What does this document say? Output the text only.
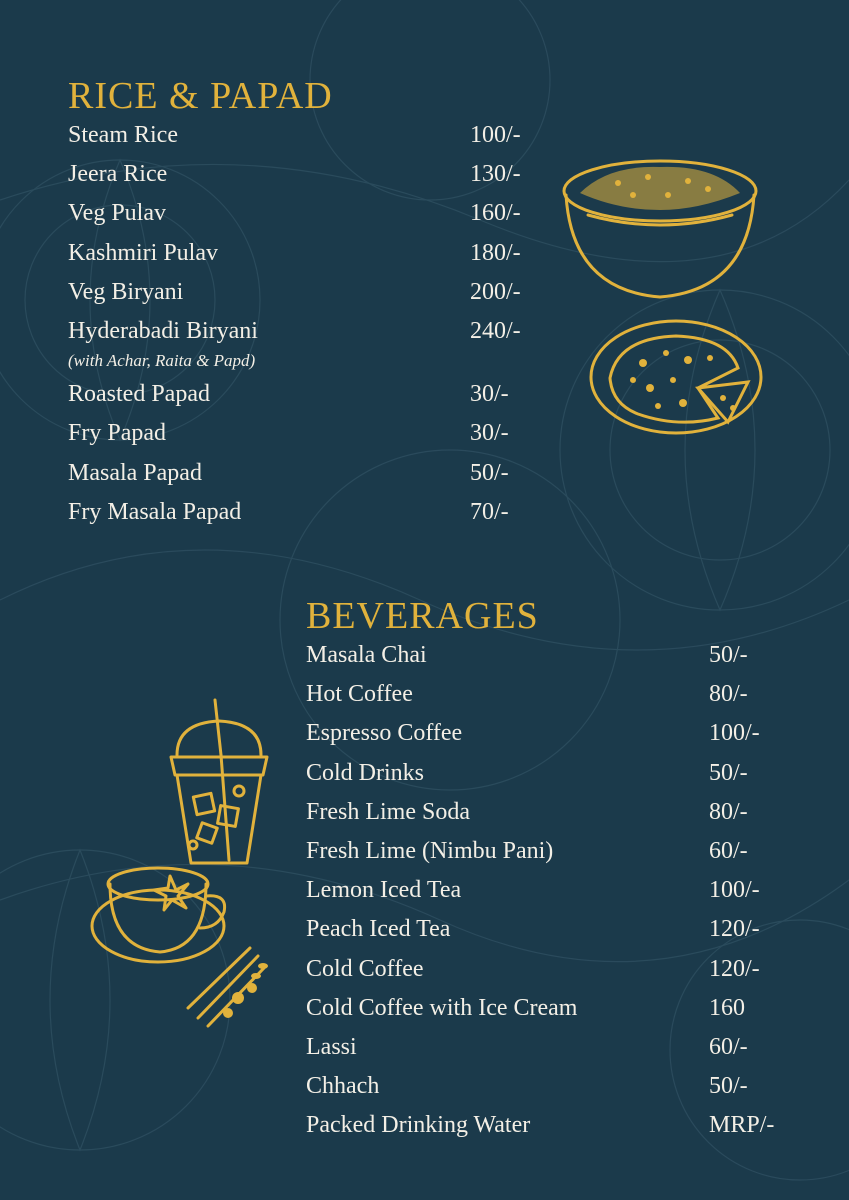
RICE & PAPAD
Steam Rice	100/-
Jeera Rice	130/-
Veg Pulav	160/-
Kashmiri Pulav	180/-
Veg Biryani	200/-
Hyderabadi Biryani	240/-
(with Achar, Raita & Papd)
Roasted Papad	30/-
Fry Papad	30/-
Masala Papad	50/-
Fry Masala Papad	70/-
BEVERAGES
Masala Chai	50/-
Hot Coffee	80/-
Espresso Coffee	100/-
Cold Drinks	50/-
Fresh Lime Soda	80/-
Fresh Lime (Nimbu Pani)	60/-
Lemon Iced Tea	100/-
Peach Iced Tea	120/-
Cold Coffee	120/-
Cold Coffee with Ice Cream	160
Lassi	60/-
Chhach	50/-
Packed Drinking Water	MRP/-
